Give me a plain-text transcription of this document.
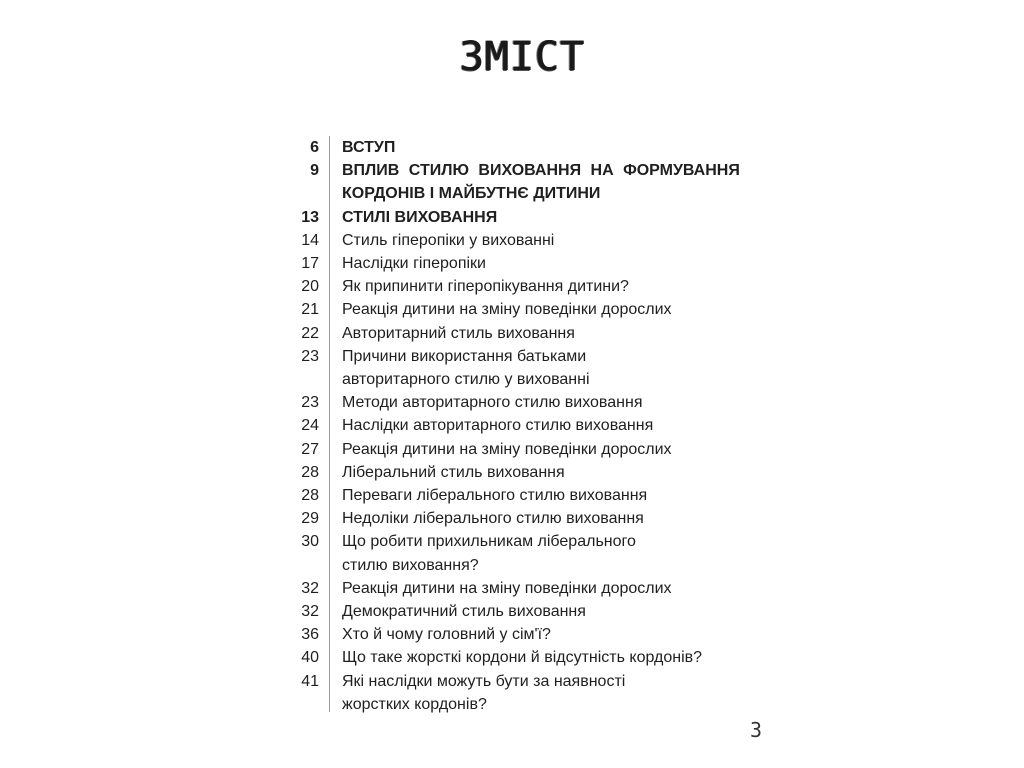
ЗМІСТ
6 ВСТУП
9 ВПЛИВ СТИЛЮ ВИХОВАННЯ НА ФОРМУВАННЯ
КОРДОНІВ І МАЙБУТНЄ ДИТИНИ
13 СТИЛІ ВИХОВАННЯ
14 Стиль гіперопіки у вихованні
17 Наслідки гіперопіки
20 Як припинити гіперопікування дитини?
21 Реакція дитини на зміну поведінки дорослих
22 Авторитарний стиль виховання
23 Причини використання батьками
авторитарного стилю у вихованні
23 Методи авторитарного стилю виховання
24 Наслідки авторитарного стилю виховання
27 Реакція дитини на зміну поведінки дорослих
28 Ліберальний стиль виховання
28 Переваги ліберального стилю виховання
29 Недоліки ліберального стилю виховання
30 Що робити прихильникам ліберального
стилю виховання?
32 Реакція дитини на зміну поведінки дорослих
32 Демократичний стиль виховання
36 Хто й чому головний у сім'ї?
40 Що таке жорсткі кордони й відсутність кордонів?
41 Які наслідки можуть бути за наявності
жорстких кордонів?
3
